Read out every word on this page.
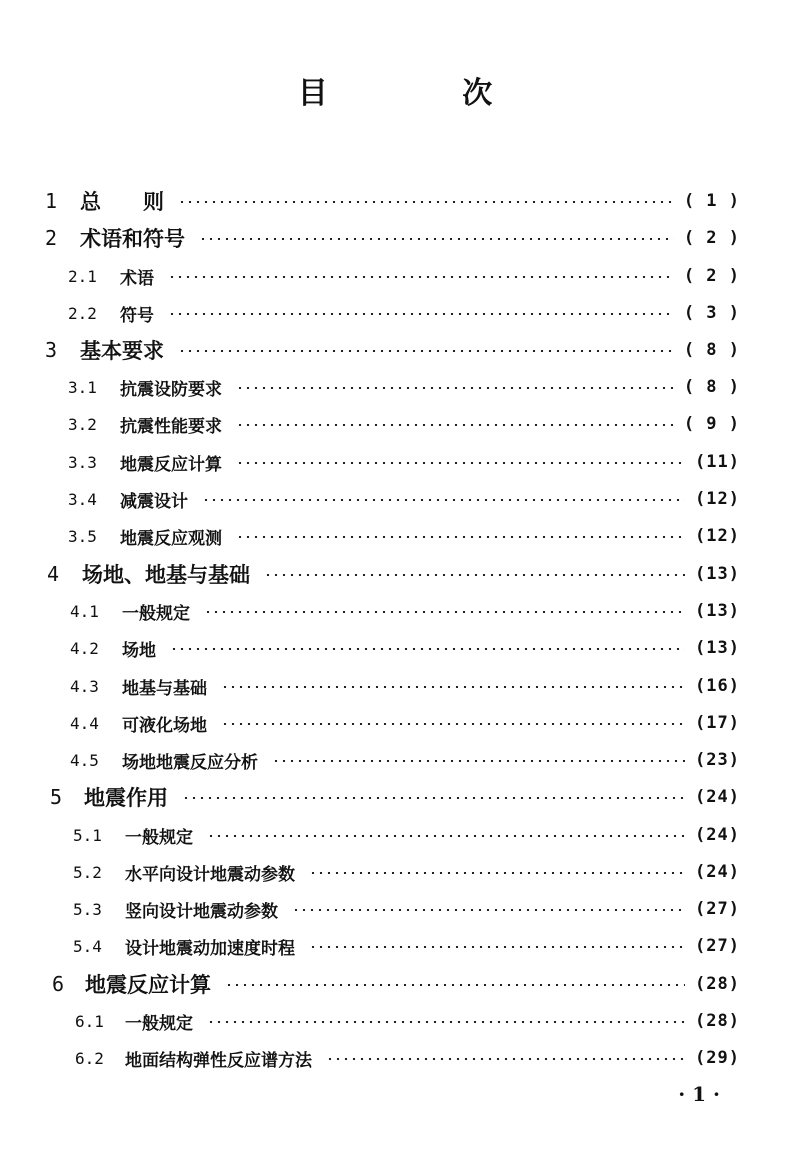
目 次
1 总　　则	( 1 )
2 术语和符号	( 2 )
2.1 术语	( 2 )
2.2 符号	( 3 )
3 基本要求	( 8 )
3.1 抗震设防要求	( 8 )
3.2 抗震性能要求	( 9 )
3.3 地震反应计算	(11)
3.4 减震设计	(12)
3.5 地震反应观测	(12)
4 场地、地基与基础	(13)
4.1 一般规定	(13)
4.2 场地	(13)
4.3 地基与基础	(16)
4.4 可液化场地	(17)
4.5 场地地震反应分析	(23)
5 地震作用	(24)
5.1 一般规定	(24)
5.2 水平向设计地震动参数	(24)
5.3 竖向设计地震动参数	(27)
5.4 设计地震动加速度时程	(27)
6 地震反应计算	(28)
6.1 一般规定	(28)
6.2 地面结构弹性反应谱方法	(29)
· 1 ·
